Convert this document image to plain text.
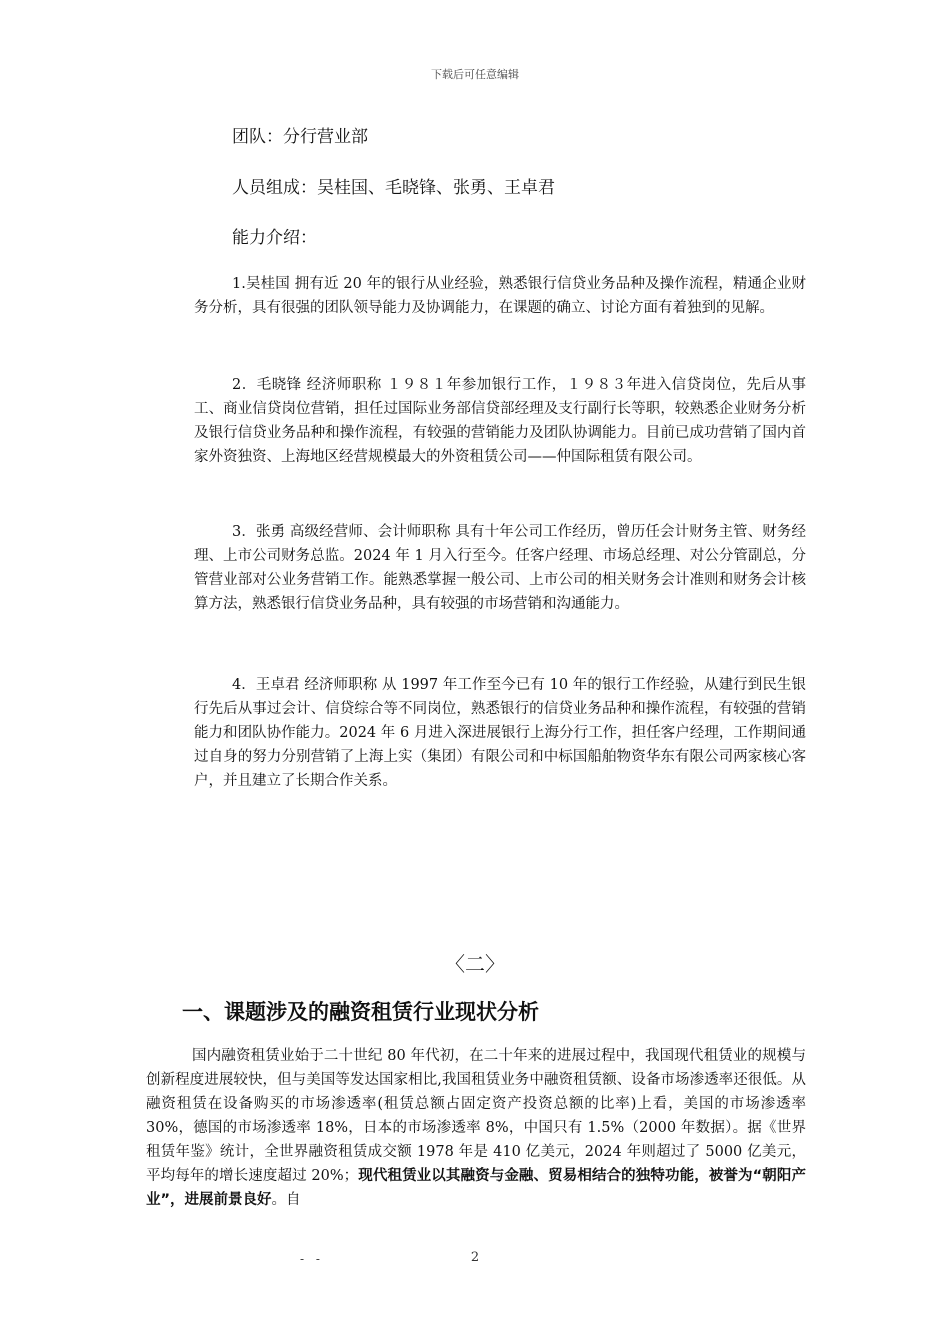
下载后可任意编辑
团队：分行营业部
人员组成：吴桂国、毛晓锋、张勇、王卓君
能力介绍：
1.吴桂国 拥有近 20 年的银行从业经验，熟悉银行信贷业务品种及操作流程，精通企业财务分析，具有很强的团队领导能力及协调能力，在课题的确立、讨论方面有着独到的见解。
2．毛晓锋 经济师职称 １９８１年参加银行工作，１９８３年进入信贷岗位，先后从事工、商业信贷岗位营销，担任过国际业务部信贷部经理及支行副行长等职，较熟悉企业财务分析及银行信贷业务品种和操作流程，有较强的营销能力及团队协调能力。目前已成功营销了国内首家外资独资、上海地区经营规模最大的外资租赁公司——仲国际租赁有限公司。
3．张勇 高级经营师、会计师职称 具有十年公司工作经历，曾历任会计财务主管、财务经理、上市公司财务总监。2024 年 1 月入行至今。任客户经理、市场总经理、对公分管副总，分管营业部对公业务营销工作。能熟悉掌握一般公司、上市公司的相关财务会计准则和财务会计核算方法，熟悉银行信贷业务品种，具有较强的市场营销和沟通能力。
4．王卓君 经济师职称 从 1997 年工作至今已有 10 年的银行工作经验，从建行到民生银行先后从事过会计、信贷综合等不同岗位，熟悉银行的信贷业务品种和操作流程，有较强的营销能力和团队协作能力。2024 年 6 月进入深进展银行上海分行工作，担任客户经理，工作期间通过自身的努力分别营销了上海上实（集团）有限公司和中标国船舶物资华东有限公司两家核心客户，并且建立了长期合作关系。
〈二〉
一、课题涉及的融资租赁行业现状分析
国内融资租赁业始于二十世纪 80 年代初，在二十年来的进展过程中，我国现代租赁业的规模与创新程度进展较快，但与美国等发达国家相比,我国租赁业务中融资租赁额、设备市场渗透率还很低。从融资租赁在设备购买的市场渗透率(租赁总额占固定资产投资总额的比率)上看，美国的市场渗透率 30%，德国的市场渗透率 18%，日本的市场渗透率 8%，中国只有 1.5%（2000 年数据）。据《世界租赁年鉴》统计，全世界融资租赁成交额 1978 年是 410 亿美元，2024 年则超过了 5000 亿美元，平均每年的增长速度超过 20%；现代租赁业以其融资与金融、贸易相结合的独特功能，被誉为“朝阳产业”，进展前景良好。自
- -	2
